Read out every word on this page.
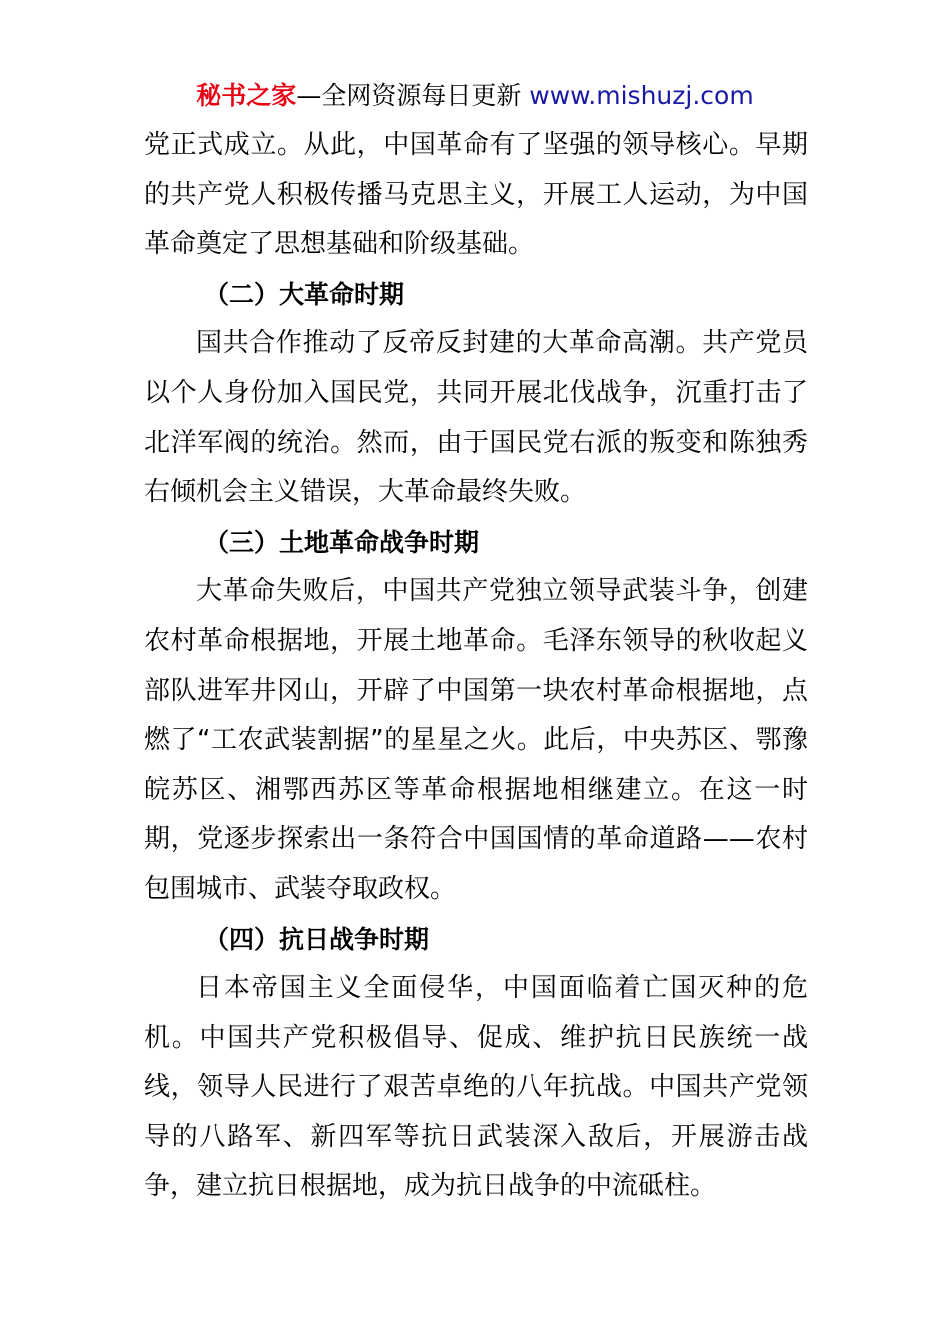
秘书之家—全网资源每日更新 www.mishuzj.com

党正式成立。从此，中国革命有了坚强的领导核心。早期的共产党人积极传播马克思主义，开展工人运动，为中国革命奠定了思想基础和阶级基础。

（二）大革命时期

国共合作推动了反帝反封建的大革命高潮。共产党员以个人身份加入国民党，共同开展北伐战争，沉重打击了北洋军阀的统治。然而，由于国民党右派的叛变和陈独秀右倾机会主义错误，大革命最终失败。

（三）土地革命战争时期

大革命失败后，中国共产党独立领导武装斗争，创建农村革命根据地，开展土地革命。毛泽东领导的秋收起义部队进军井冈山，开辟了中国第一块农村革命根据地，点燃了“工农武装割据”的星星之火。此后，中央苏区、鄂豫皖苏区、湘鄂西苏区等革命根据地相继建立。在这一时期，党逐步探索出一条符合中国国情的革命道路——农村包围城市、武装夺取政权。

（四）抗日战争时期

日本帝国主义全面侵华，中国面临着亡国灭种的危机。中国共产党积极倡导、促成、维护抗日民族统一战线，领导人民进行了艰苦卓绝的八年抗战。中国共产党领导的八路军、新四军等抗日武装深入敌后，开展游击战争，建立抗日根据地，成为抗日战争的中流砥柱。
